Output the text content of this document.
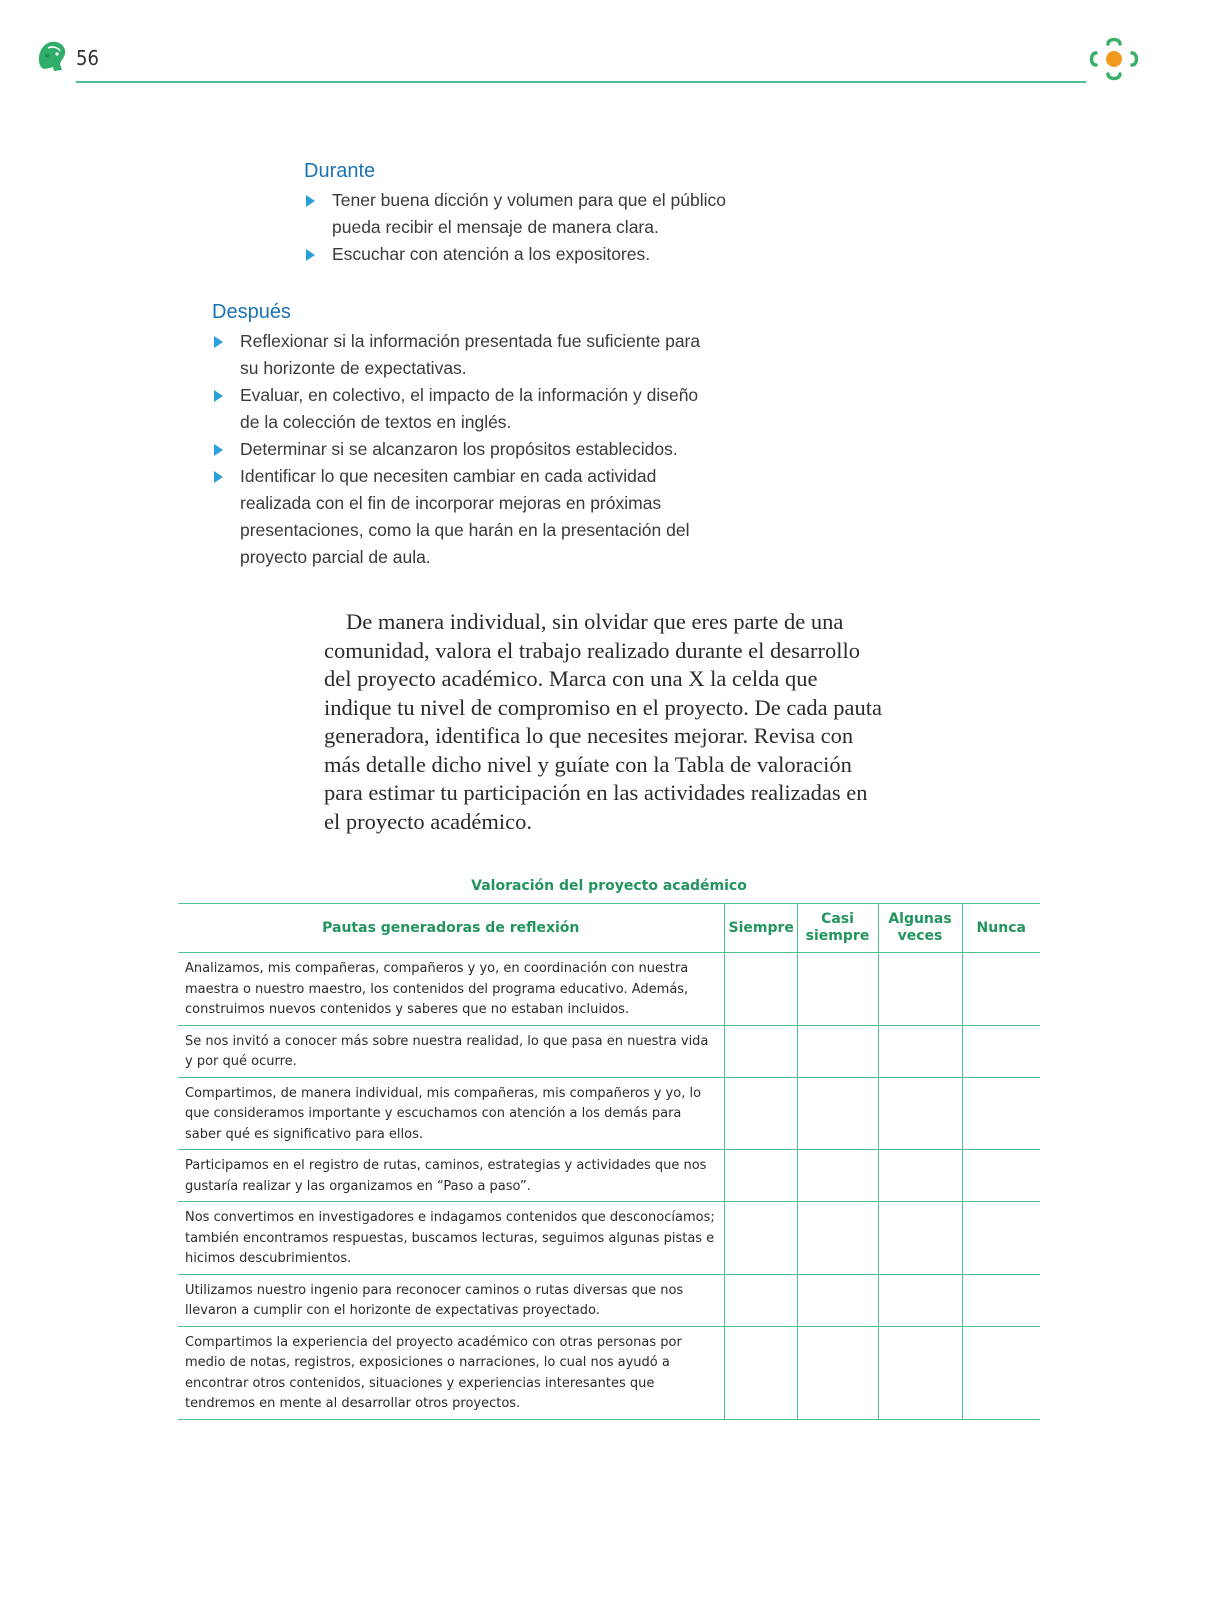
56
Durante
Tener buena dicción y volumen para que el público pueda recibir el mensaje de manera clara.
Escuchar con atención a los expositores.
Después
Reflexionar si la información presentada fue suficiente para su horizonte de expectativas.
Evaluar, en colectivo, el impacto de la información y diseño de la colección de textos en inglés.
Determinar si se alcanzaron los propósitos establecidos.
Identificar lo que necesiten cambiar en cada actividad realizada con el fin de incorporar mejoras en próximas presentaciones, como la que harán en la presentación del proyecto parcial de aula.

De manera individual, sin olvidar que eres parte de una comunidad, valora el trabajo realizado durante el desarrollo del proyecto académico. Marca con una X la celda que indique tu nivel de compromiso en el proyecto. De cada pauta generadora, identifica lo que necesites mejorar. Revisa con más detalle dicho nivel y guíate con la Tabla de valoración para estimar tu participación en las actividades realizadas en el proyecto académico.

Valoración del proyecto académico
Pautas generadoras de reflexión	Siempre	Casi siempre	Algunas veces	Nunca
Analizamos, mis compañeras, compañeros y yo, en coordinación con nuestra maestra o nuestro maestro, los contenidos del programa educativo. Además, construimos nuevos contenidos y saberes que no estaban incluidos.				
Se nos invitó a conocer más sobre nuestra realidad, lo que pasa en nuestra vida y por qué ocurre.				
Compartimos, de manera individual, mis compañeras, mis compañeros y yo, lo que consideramos importante y escuchamos con atención a los demás para saber qué es significativo para ellos.				
Participamos en el registro de rutas, caminos, estrategias y actividades que nos gustaría realizar y las organizamos en “Paso a paso”.				
Nos convertimos en investigadores e indagamos contenidos que desconocíamos; también encontramos respuestas, buscamos lecturas, seguimos algunas pistas e hicimos descubrimientos.				
Utilizamos nuestro ingenio para reconocer caminos o rutas diversas que nos llevaron a cumplir con el horizonte de expectativas proyectado.				
Compartimos la experiencia del proyecto académico con otras personas por medio de notas, registros, exposiciones o narraciones, lo cual nos ayudó a encontrar otros contenidos, situaciones y experiencias interesantes que tendremos en mente al desarrollar otros proyectos.				
